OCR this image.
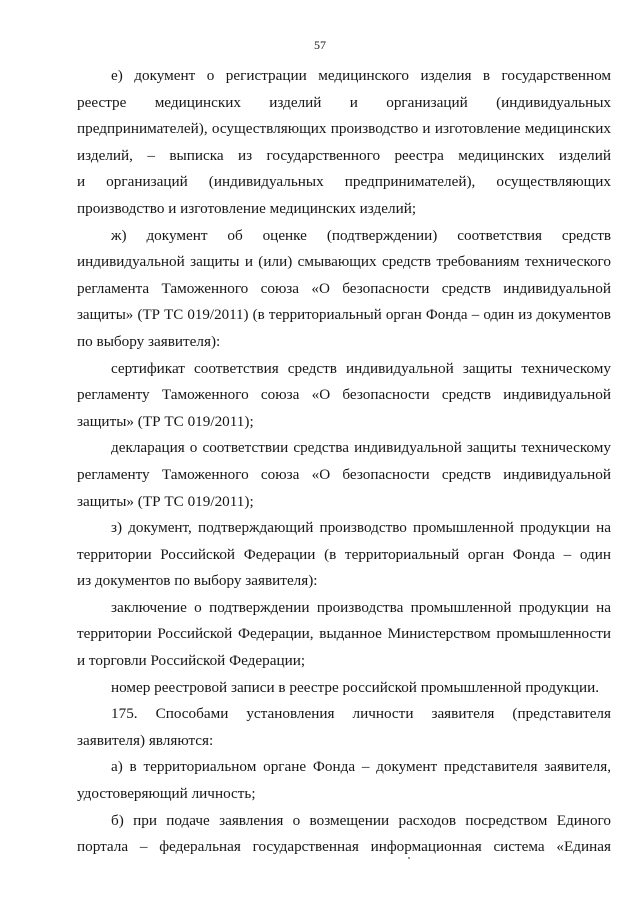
57
е) документ о регистрации медицинского изделия в государственном
реестре медицинских изделий и организаций (индивидуальных
предпринимателей), осуществляющих производство и изготовление медицинских
изделий, – выписка из государственного реестра медицинских изделий
и организаций (индивидуальных предпринимателей), осуществляющих
производство и изготовление медицинских изделий;
ж) документ об оценке (подтверждении) соответствия средств
индивидуальной защиты и (или) смывающих средств требованиям технического
регламента Таможенного союза «О безопасности средств индивидуальной
защиты» (ТР ТС 019/2011) (в территориальный орган Фонда – один из документов
по выбору заявителя):
сертификат соответствия средств индивидуальной защиты техническому
регламенту Таможенного союза «О безопасности средств индивидуальной
защиты» (ТР ТС 019/2011);
декларация о соответствии средства индивидуальной защиты техническому
регламенту Таможенного союза «О безопасности средств индивидуальной
защиты» (ТР ТС 019/2011);
з) документ, подтверждающий производство промышленной продукции на
территории Российской Федерации (в территориальный орган Фонда – один
из документов по выбору заявителя):
заключение о подтверждении производства промышленной продукции на
территории Российской Федерации, выданное Министерством промышленности
и торговли Российской Федерации;
номер реестровой записи в реестре российской промышленной продукции.
175. Способами установления личности заявителя (представителя
заявителя) являются:
а) в территориальном органе Фонда – документ представителя заявителя,
удостоверяющий личность;
б) при подаче заявления о возмещении расходов посредством Единого
портала – федеральная государственная информационная система «Единая
